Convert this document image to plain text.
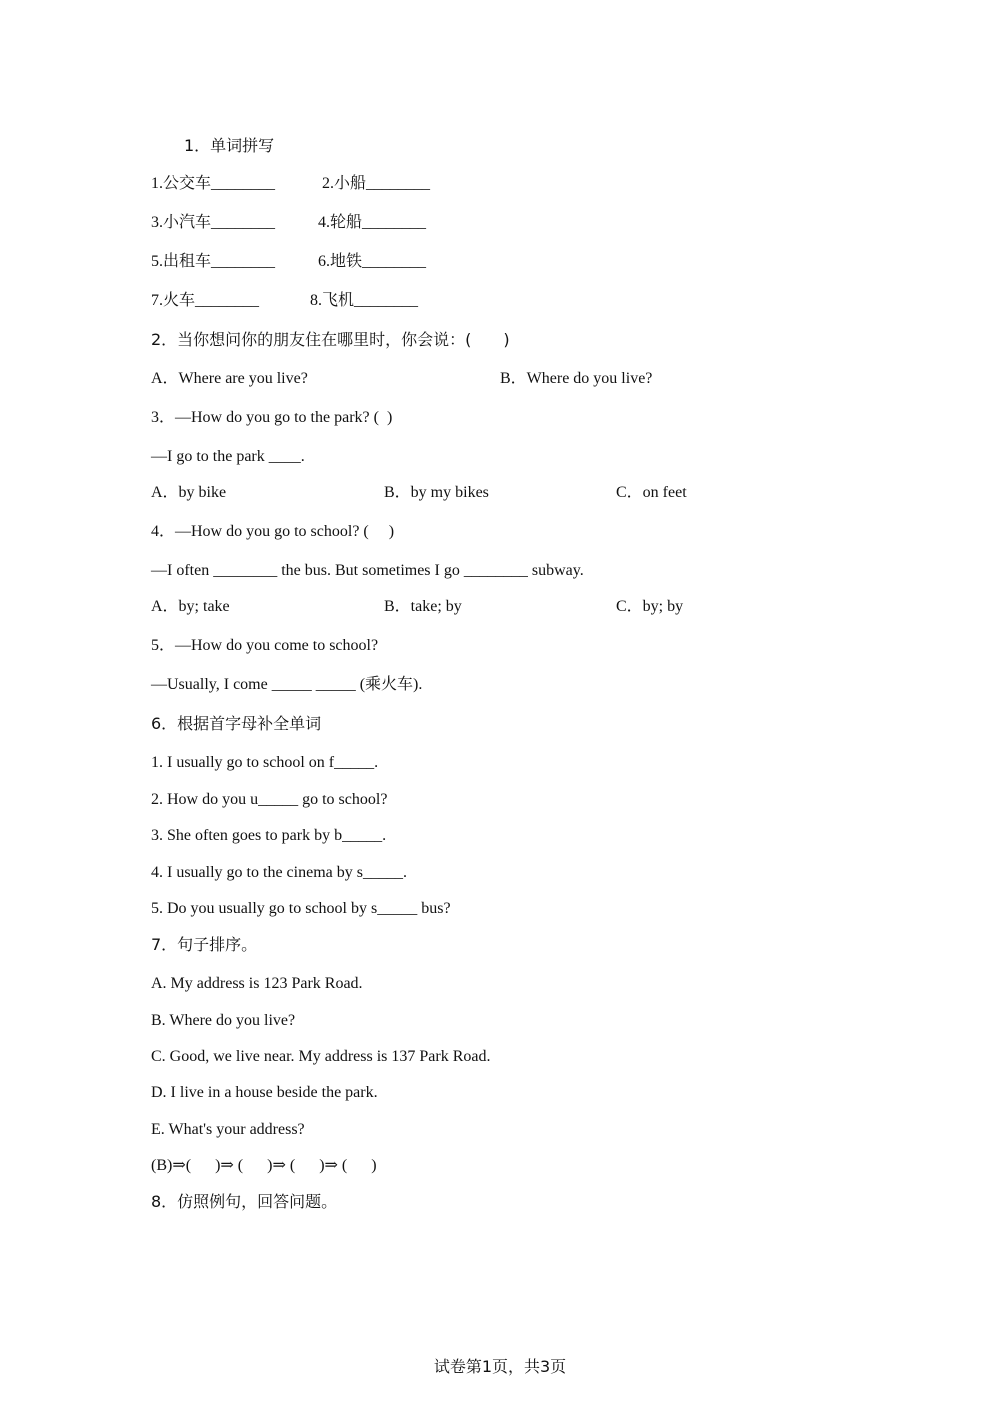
1．单词拼写
1.公交车________	2.小船________
3.小汽车________	4.轮船________
5.出租车________	6.地铁________
7.火车________	8.飞机________
2．当你想问你的朋友住在哪里时，你会说：(　　)
A．Where are you live?	B．Where do you live?
3．—How do you go to the park? (  )
—I go to the park ____.
A．by bike	B．by my bikes	C．on feet
4．—How do you go to school? (     )
—I often ________ the bus. But sometimes I go ________ subway.
A．by; take	B．take; by	C．by; by
5．—How do you come to school?
—Usually, I come _____ _____ (乘火车).
6．根据首字母补全单词
1. I usually go to school on f_____.
2. How do you u_____ go to school?
3. She often goes to park by b_____.
4. I usually go to the cinema by s_____.
5. Do you usually go to school by s_____ bus?
7．句子排序。
A. My address is 123 Park Road.
B. Where do you live?
C. Good, we live near. My address is 137 Park Road.
D. I live in a house beside the park.
E. What's your address?
(B)⇒(      )⇒ (      )⇒ (      )⇒ (      )
8．仿照例句，回答问题。
试卷第1页，共3页
